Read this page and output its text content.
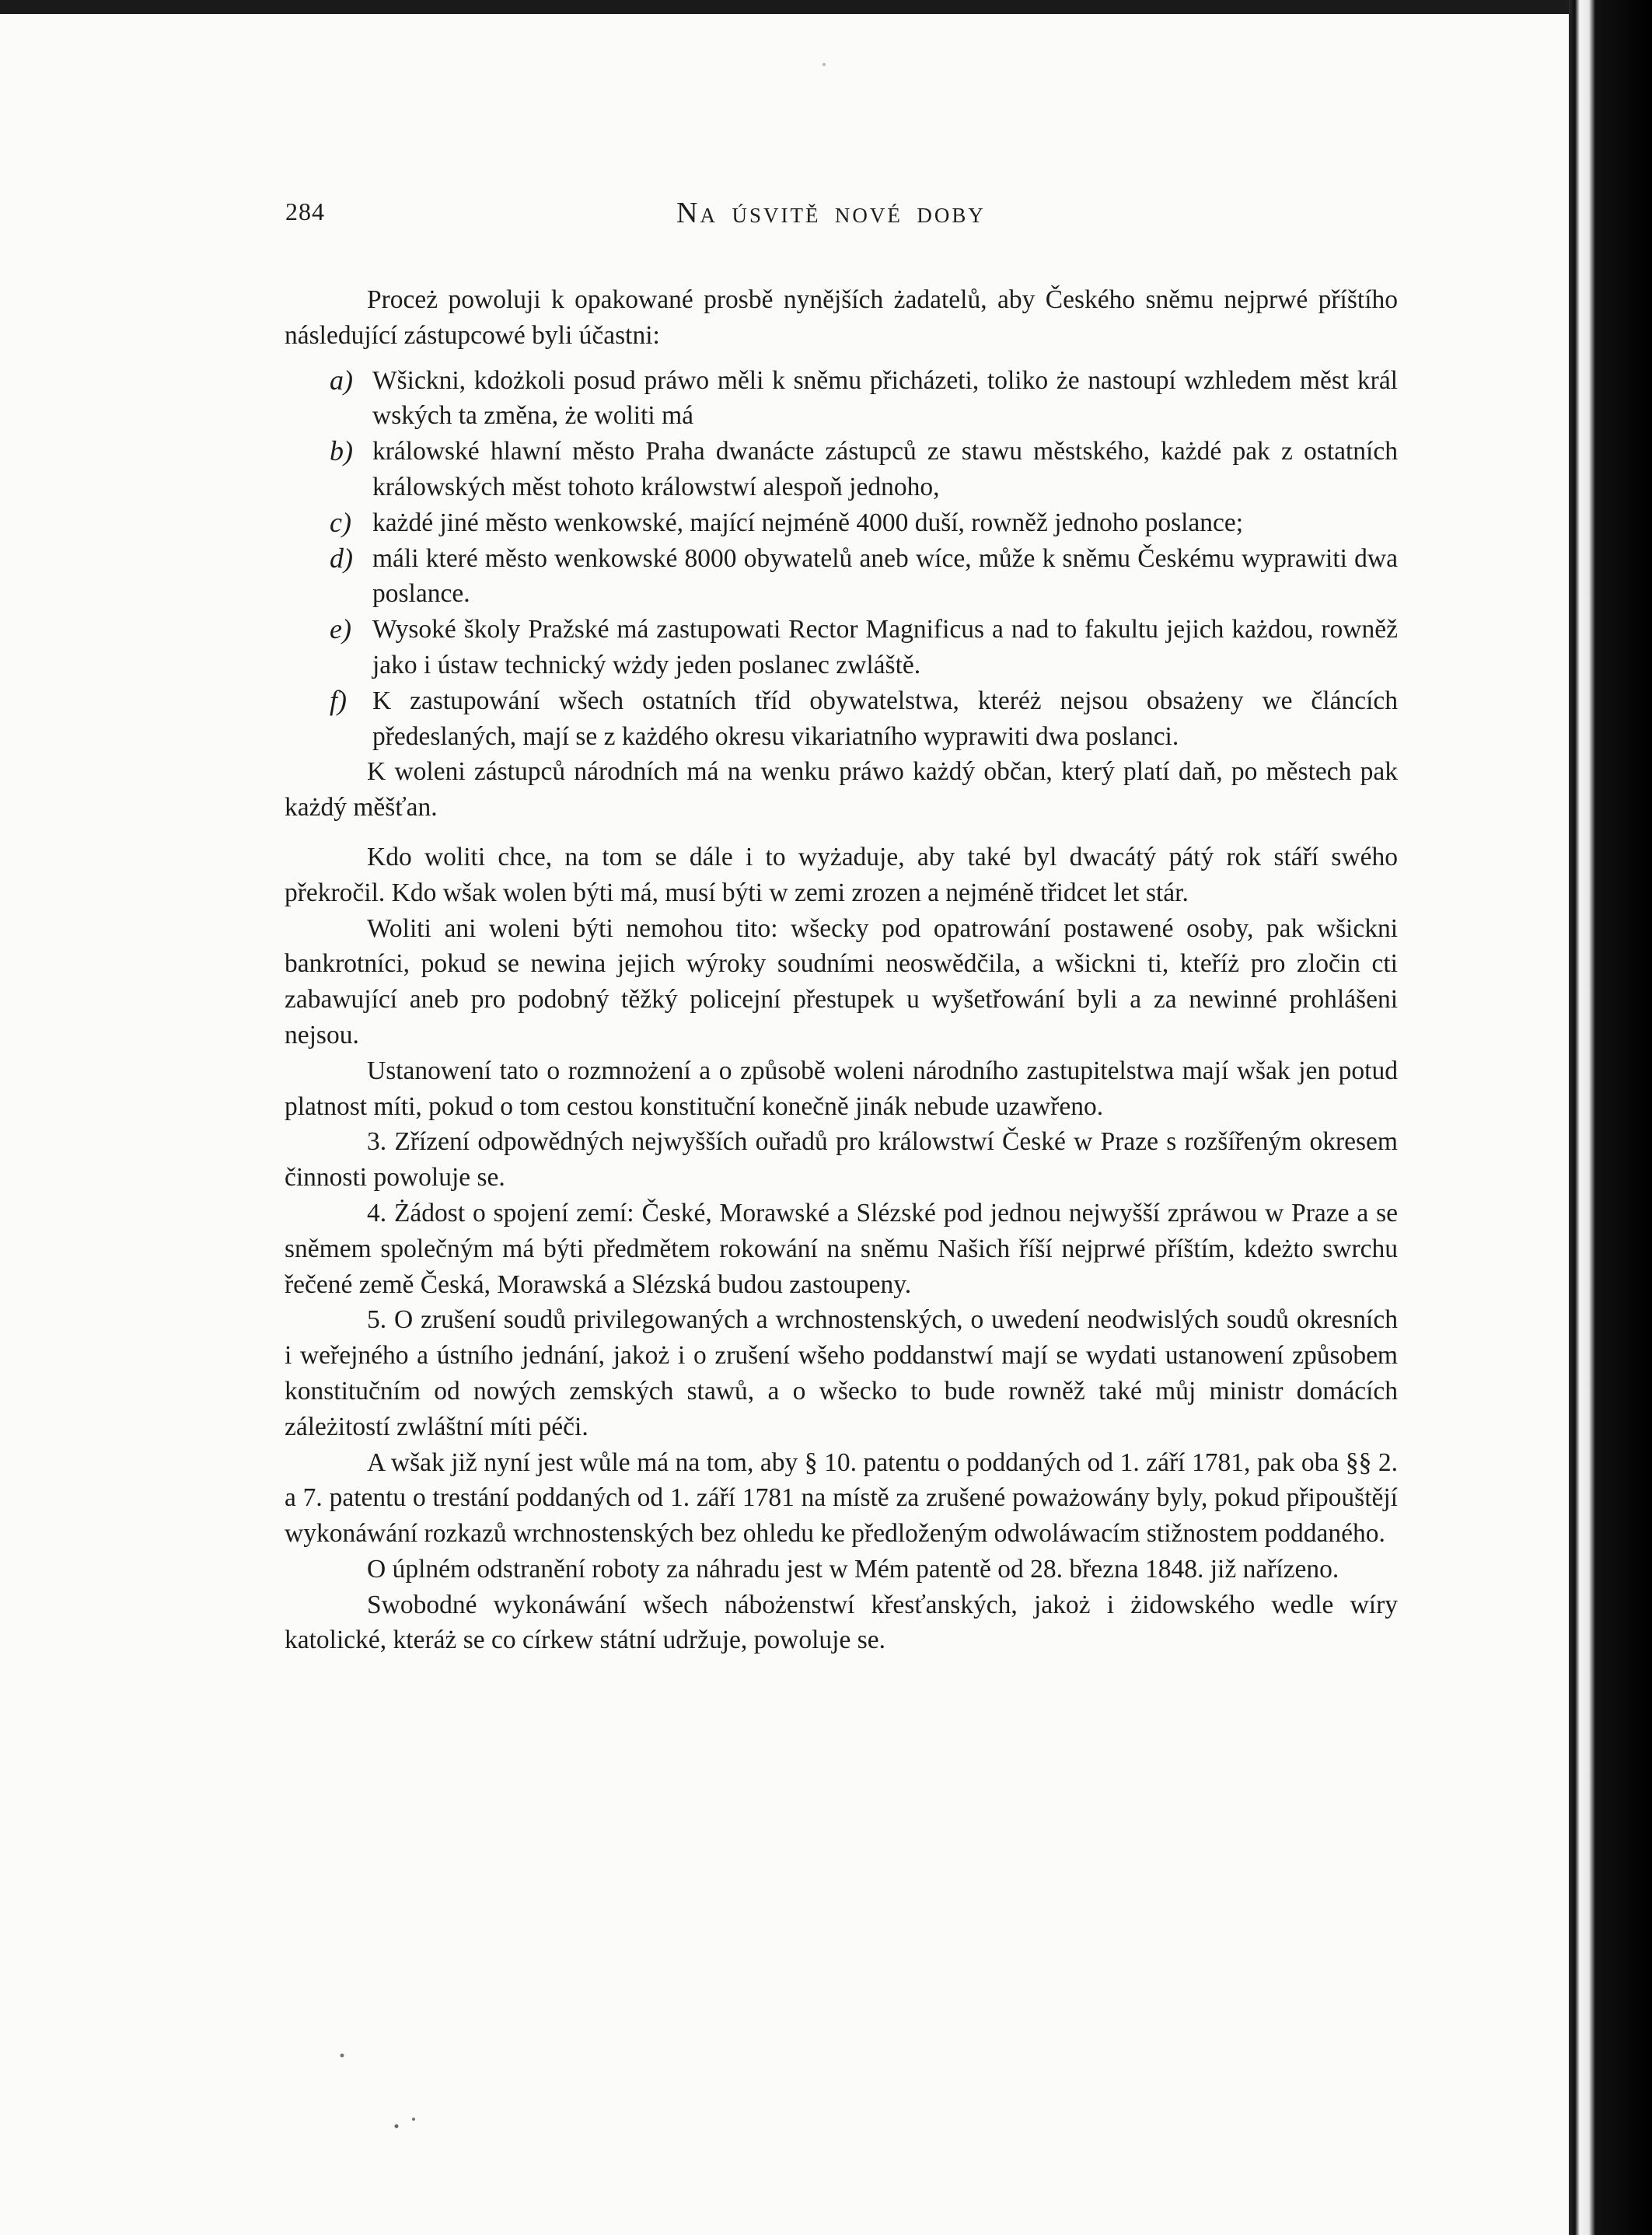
284	Na úsvitě nové doby

Proceż powoluji k opakowané prosbě nynějších żadatelů, aby Českého sněmu nejprwé příštího následující zástupcowé byli účastni:

a) Wšickni, kdożkoli posud práwo měli k sněmu přicházeti, toliko że nastoupí wzhledem měst král wských ta změna, że woliti má
b) králowské hlawní město Praha dwanácte zástupců ze stawu městského, każdé pak z ostatních králowských měst tohoto králowstwí alespoň jednoho,
c) każdé jiné město wenkowské, mající nejméně 4000 duší, rowněž jednoho poslance;
d) máli které město wenkowské 8000 obywatelů aneb wíce, může k sněmu Českému wyprawiti dwa poslance.
e) Wysoké školy Pražské má zastupowati Rector Magnificus a nad to fakultu jejich każdou, rowněž jako i ústaw technický wżdy jeden poslanec zwláště.
f) K zastupowání wšech ostatních tříd obywatelstwa, kteréż nejsou obsażeny we článcích předeslaných, mají se z każdého okresu vikariatního wyprawiti dwa poslanci.

K woleni zástupců národních má na wenku práwo każdý občan, který platí daň, po městech pak każdý měšťan.

Kdo woliti chce, na tom se dále i to wyżaduje, aby také byl dwacátý pátý rok stáří swého překročil. Kdo wšak wolen býti má, musí býti w zemi zrozen a nejméně třidcet let stár.

Woliti ani woleni býti nemohou tito: wšecky pod opatrowání postawené osoby, pak wšickni bankrotníci, pokud se newina jejich wýroky soudními neoswědčila, a wšickni ti, kteříż pro zločin cti zabawující aneb pro podobný těžký policejní přestupek u wyšetřowání byli a za newinné prohlášeni nejsou.

Ustanowení tato o rozmnożení a o způsobě woleni národního zastupitelstwa mají wšak jen potud platnost míti, pokud o tom cestou konstituční konečně jinák nebude uzawřeno.

3. Zřízení odpowědných nejwyšších ouřadů pro králowstwí České w Praze s rozšířeným okresem činnosti powoluje se.

4. Żádost o spojení zemí: České, Morawské a Slézské pod jednou nejwyšší zpráwou w Praze a se sněmem společným má býti předmětem rokowání na sněmu Našich říší nejprwé příštím, kdeżto swrchu řečené země Česká, Morawská a Slézská budou zastoupeny.

5. O zrušení soudů privilegowaných a wrchnostenských, o uwedení neodwislých soudů okresních i weřejného a ústního jednání, jakoż i o zrušení wšeho poddanstwí mají se wydati ustanowení způsobem konstitučním od nowých zemských stawů, a o wšecko to bude rowněž také můj ministr domácích záleżitostí zwláštní míti péči.

A wšak již nyní jest wůle má na tom, aby § 10. patentu o poddaných od 1. září 1781, pak oba §§ 2. a 7. patentu o trestání poddaných od 1. září 1781 na místě za zrušené poważowány byly, pokud připouštějí wykonáwání rozkazů wrchnostenských bez ohledu ke předloženým odwoláwacím stižnostem poddaného.

O úplném odstranění roboty za náhradu jest w Mém patentě od 28. března 1848. již nařízeno.

Swobodné wykonáwání wšech nábożenstwí křesťanských, jakoż i żidowského wedle wíry katolické, kteráż se co církew státní udržuje, powoluje se.
